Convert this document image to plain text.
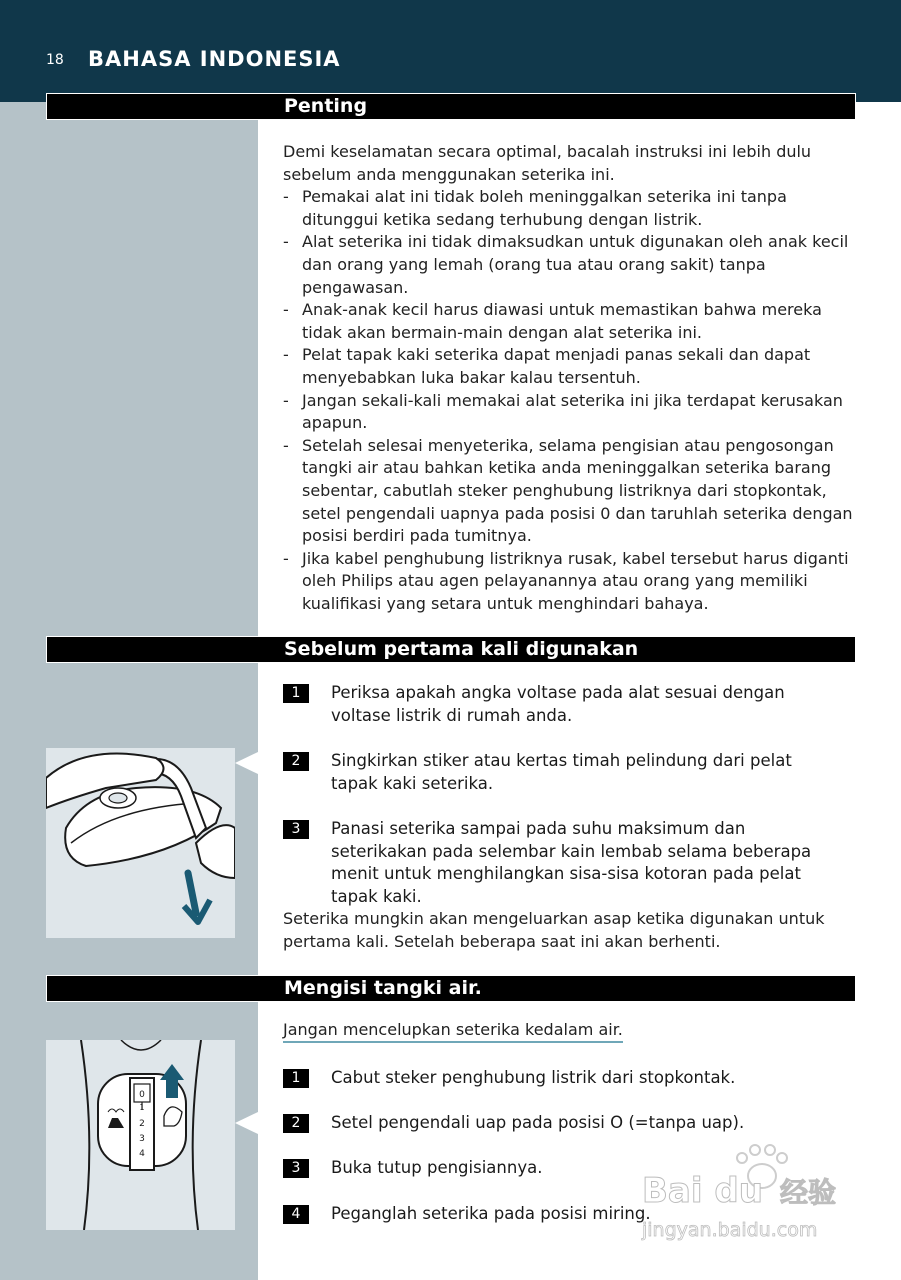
18 BAHASA INDONESIA
Penting

Demi keselamatan secara optimal, bacalah instruksi ini lebih dulu sebelum anda menggunakan seterika ini.

- Pemakai alat ini tidak boleh meninggalkan seterika ini tanpa ditunggui ketika sedang terhubung dengan listrik.
- Alat seterika ini tidak dimaksudkan untuk digunakan oleh anak kecil dan orang yang lemah (orang tua atau orang sakit) tanpa pengawasan.
- Anak-anak kecil harus diawasi untuk memastikan bahwa mereka tidak akan bermain-main dengan alat seterika ini.
- Pelat tapak kaki seterika dapat menjadi panas sekali dan dapat menyebabkan luka bakar kalau tersentuh.
- Jangan sekali-kali memakai alat seterika ini jika terdapat kerusakan apapun.
- Setelah selesai menyeterika, selama pengisian atau pengosongan tangki air atau bahkan ketika anda meninggalkan seterika barang sebentar, cabutlah steker penghubung listriknya dari stopkontak, setel pengendali uapnya pada posisi 0 dan taruhlah seterika dengan posisi berdiri pada tumitnya.
- Jika kabel penghubung listriknya rusak, kabel tersebut harus diganti oleh Philips atau agen pelayanannya atau orang yang memiliki kualifikasi yang setara untuk menghindari bahaya.
Sebelum pertama kali digunakan
1	Periksa apakah angka voltase pada alat sesuai dengan voltase listrik di rumah anda.
2	Singkirkan stiker atau kertas timah pelindung dari pelat tapak kaki seterika.
3	Panasi seterika sampai pada suhu maksimum dan seterikakan pada selembar kain lembab selama beberapa menit untuk menghilangkan sisa-sisa kotoran pada pelat tapak kaki.
Seterika mungkin akan mengeluarkan asap ketika digunakan untuk pertama kali. Setelah beberapa saat ini akan berhenti.
Mengisi tangki air.
Jangan mencelupkan seterika kedalam air.
0
1
2
3
4
1	Cabut steker penghubung listrik dari stopkontak.
2	Setel pengendali uap pada posisi O (=tanpa uap).
3	Buka tutup pengisiannya.
4	Peganglah seterika pada posisi miring.
Bai du 经验
jingyan.baidu.com
